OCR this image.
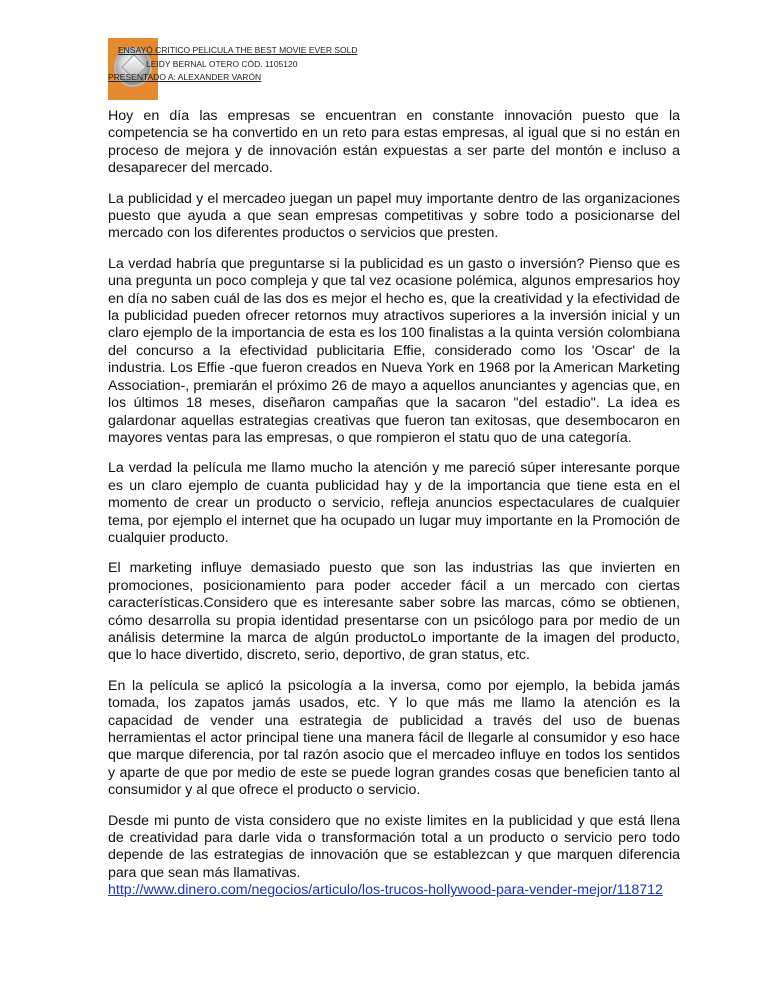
ENSAYÓ CRITICO PELICULA THE BEST MOVIE EVER SOLD
LEIDY BERNAL OTERO CÓD. 1105120
PRESENTADO A: ALEXANDER VARÓN

Hoy en día las empresas se encuentran en constante innovación puesto que la competencia se ha convertido en un reto para estas empresas, al igual que si no están en proceso de mejora y de innovación están expuestas a ser parte del montón e incluso a desaparecer del mercado.

La publicidad y el mercadeo juegan un papel muy importante dentro de las organizaciones puesto que ayuda a que sean empresas competitivas y sobre todo a posicionarse del mercado con los diferentes productos o servicios que presten.

La verdad habría que preguntarse si la publicidad es un gasto o inversión? Pienso que es una pregunta un poco compleja y que tal vez ocasione polémica, algunos empresarios hoy en día no saben cuál de las dos es mejor el hecho es, que la creatividad y la efectividad de la publicidad pueden ofrecer retornos muy atractivos superiores a la inversión inicial y un claro ejemplo de la importancia de esta es los 100 finalistas a la quinta versión colombiana del concurso a la efectividad publicitaria Effie, considerado como los 'Oscar' de la industria. Los Effie -que fueron creados en Nueva York en 1968 por la American Marketing Association-, premiarán el próximo 26 de mayo a aquellos anunciantes y agencias que, en los últimos 18 meses, diseñaron campañas que la sacaron "del estadio". La idea es galardonar aquellas estrategias creativas que fueron tan exitosas, que desembocaron en mayores ventas para las empresas, o que rompieron el statu quo de una categoría.

La verdad la película me llamo mucho la atención y me pareció súper interesante porque es un claro ejemplo de cuanta publicidad hay y de la importancia que tiene esta en el momento de crear un producto o servicio, refleja anuncios espectaculares de cualquier tema, por ejemplo el internet que ha ocupado un lugar muy importante en la Promoción de cualquier producto.

El marketing influye demasiado puesto que son las industrias las que invierten en promociones, posicionamiento para poder acceder fácil a un mercado con ciertas características.Considero que es interesante saber sobre las marcas, cómo se obtienen, cómo desarrolla su propia identidad presentarse con un psicólogo para por medio de un análisis determine la marca de algún productoLo importante de la imagen del producto, que lo hace divertido, discreto, serio, deportivo, de gran status, etc.

En la película se aplicó la psicología a la inversa, como por ejemplo, la bebida jamás tomada, los zapatos jamás usados, etc. Y lo que más me llamo la atención es la capacidad de vender una estrategia de publicidad a través del uso de buenas herramientas el actor principal tiene una manera fácil de llegarle al consumidor y eso hace que marque diferencia, por tal razón asocio que el mercadeo influye en todos los sentidos y aparte de que por medio de este se puede logran grandes cosas que beneficien tanto al consumidor y al que ofrece el producto o servicio.

Desde mi punto de vista considero que no existe limites en la publicidad y que está llena de creatividad para darle vida o transformación total a un producto o servicio pero todo depende de las estrategias de innovación que se establezcan y que marquen diferencia para que sean más llamativas.
http://www.dinero.com/negocios/articulo/los-trucos-hollywood-para-vender-mejor/118712
